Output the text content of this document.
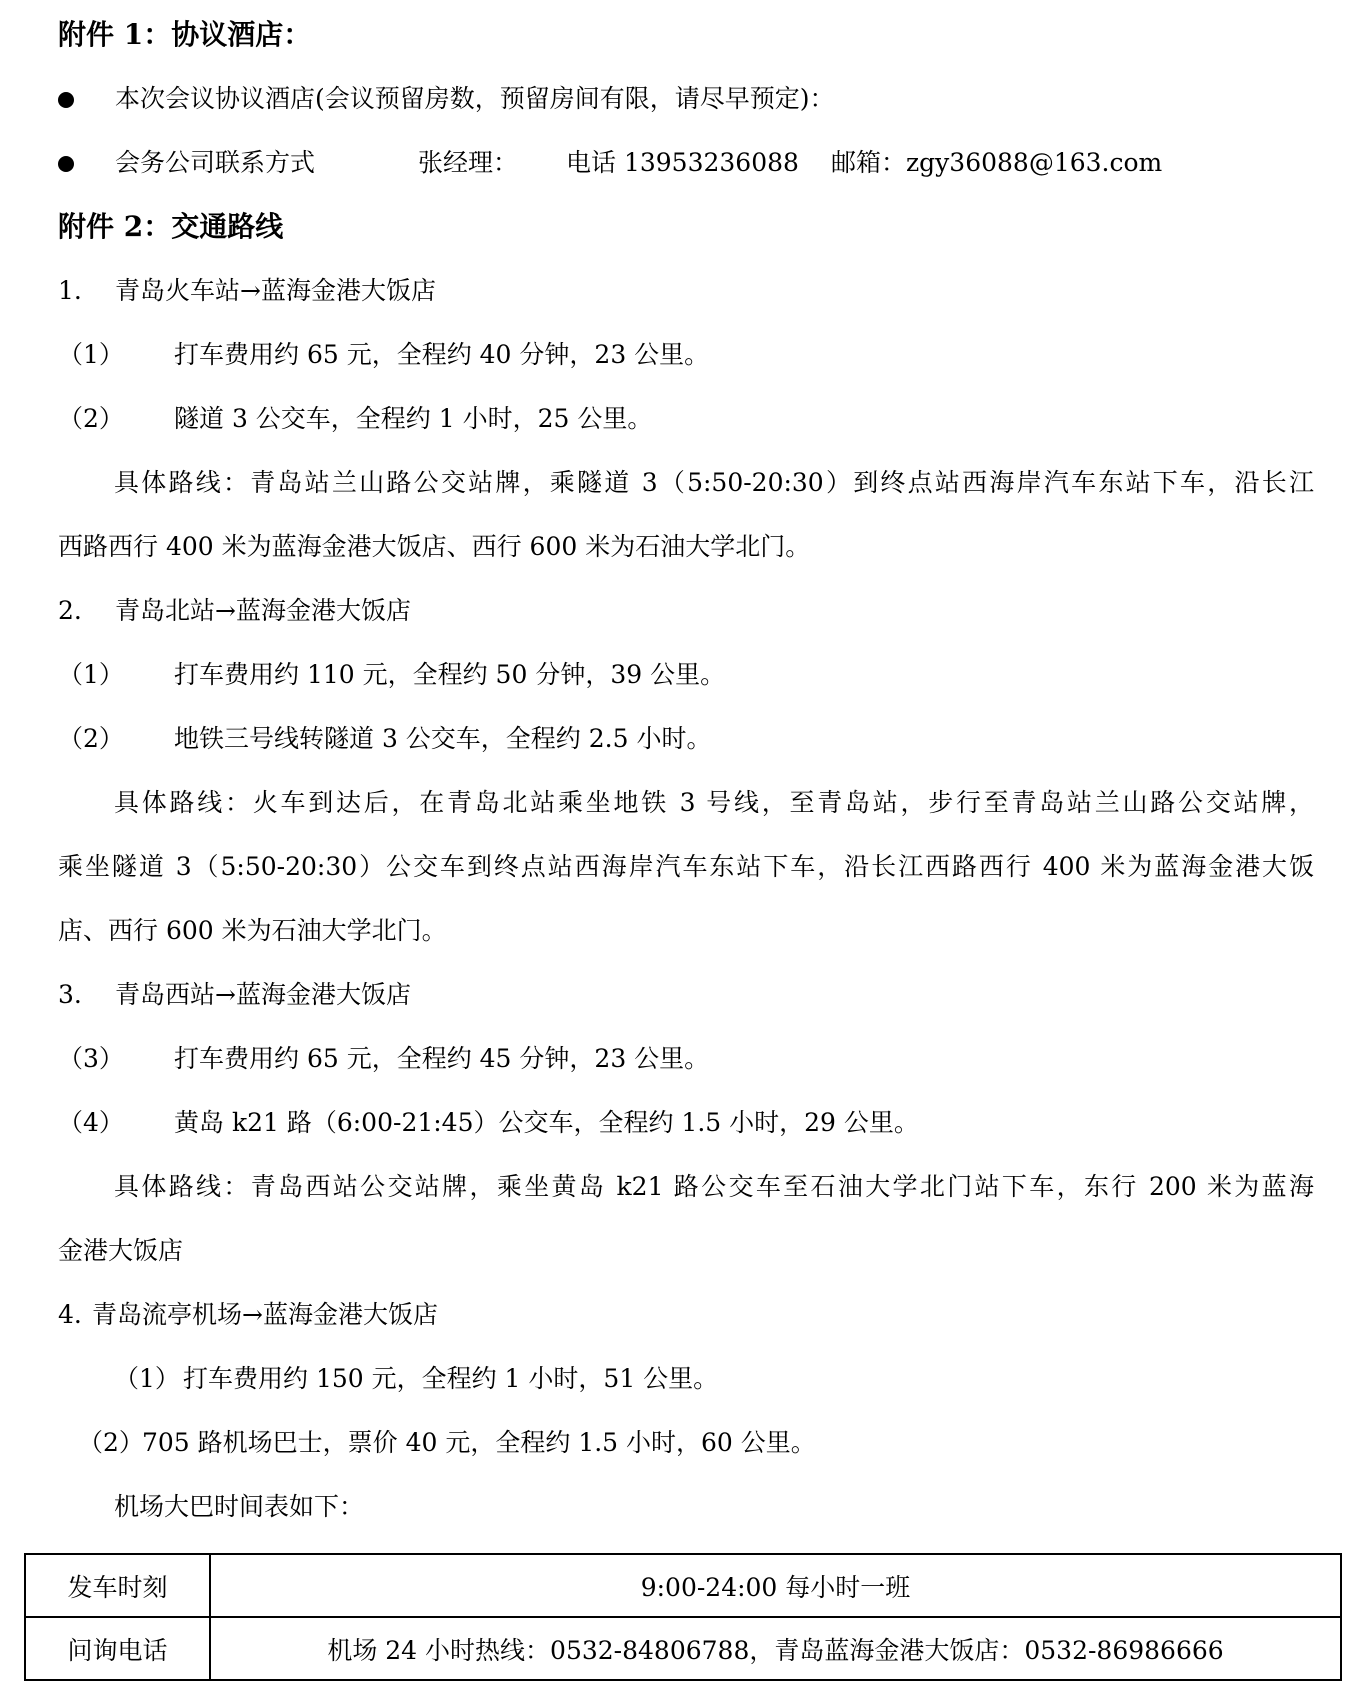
附件 1：协议酒店：
本次会议协议酒店(会议预留房数，预留房间有限，请尽早预定)：
会务公司联系方式	张经理： 电话 13953236088 邮箱：zgy36088@163.com
附件 2：交通路线
1. 青岛火车站→蓝海金港大饭店
（1） 打车费用约 65 元，全程约 40 分钟，23 公里。
（2） 隧道 3 公交车，全程约 1 小时，25 公里。
具体路线：青岛站兰山路公交站牌，乘隧道 3（5:50-20:30）到终点站西海岸汽车东站下车，沿长江
西路西行 400 米为蓝海金港大饭店、西行 600 米为石油大学北门。
2. 青岛北站→蓝海金港大饭店
（1） 打车费用约 110 元，全程约 50 分钟，39 公里。
（2） 地铁三号线转隧道 3 公交车，全程约 2.5 小时。
具体路线：火车到达后，在青岛北站乘坐地铁 3 号线，至青岛站，步行至青岛站兰山路公交站牌，
乘坐隧道 3（5:50-20:30）公交车到终点站西海岸汽车东站下车，沿长江西路西行 400 米为蓝海金港大饭
店、西行 600 米为石油大学北门。
3. 青岛西站→蓝海金港大饭店
（3） 打车费用约 65 元，全程约 45 分钟，23 公里。
（4） 黄岛 k21 路（6:00-21:45）公交车，全程约 1.5 小时，29 公里。
具体路线：青岛西站公交站牌，乘坐黄岛 k21 路公交车至石油大学北门站下车，东行 200 米为蓝海
金港大饭店
4. 青岛流亭机场→蓝海金港大饭店
（1） 打车费用约 150 元，全程约 1 小时，51 公里。
（2）
705 路机场巴士，票价 40 元，全程约 1.5 小时，60 公里。
机场大巴时间表如下：
发车时刻	9:00-24:00 每小时一班
问询电话	机场 24 小时热线：0532-84806788，青岛蓝海金港大饭店：0532-86986666
